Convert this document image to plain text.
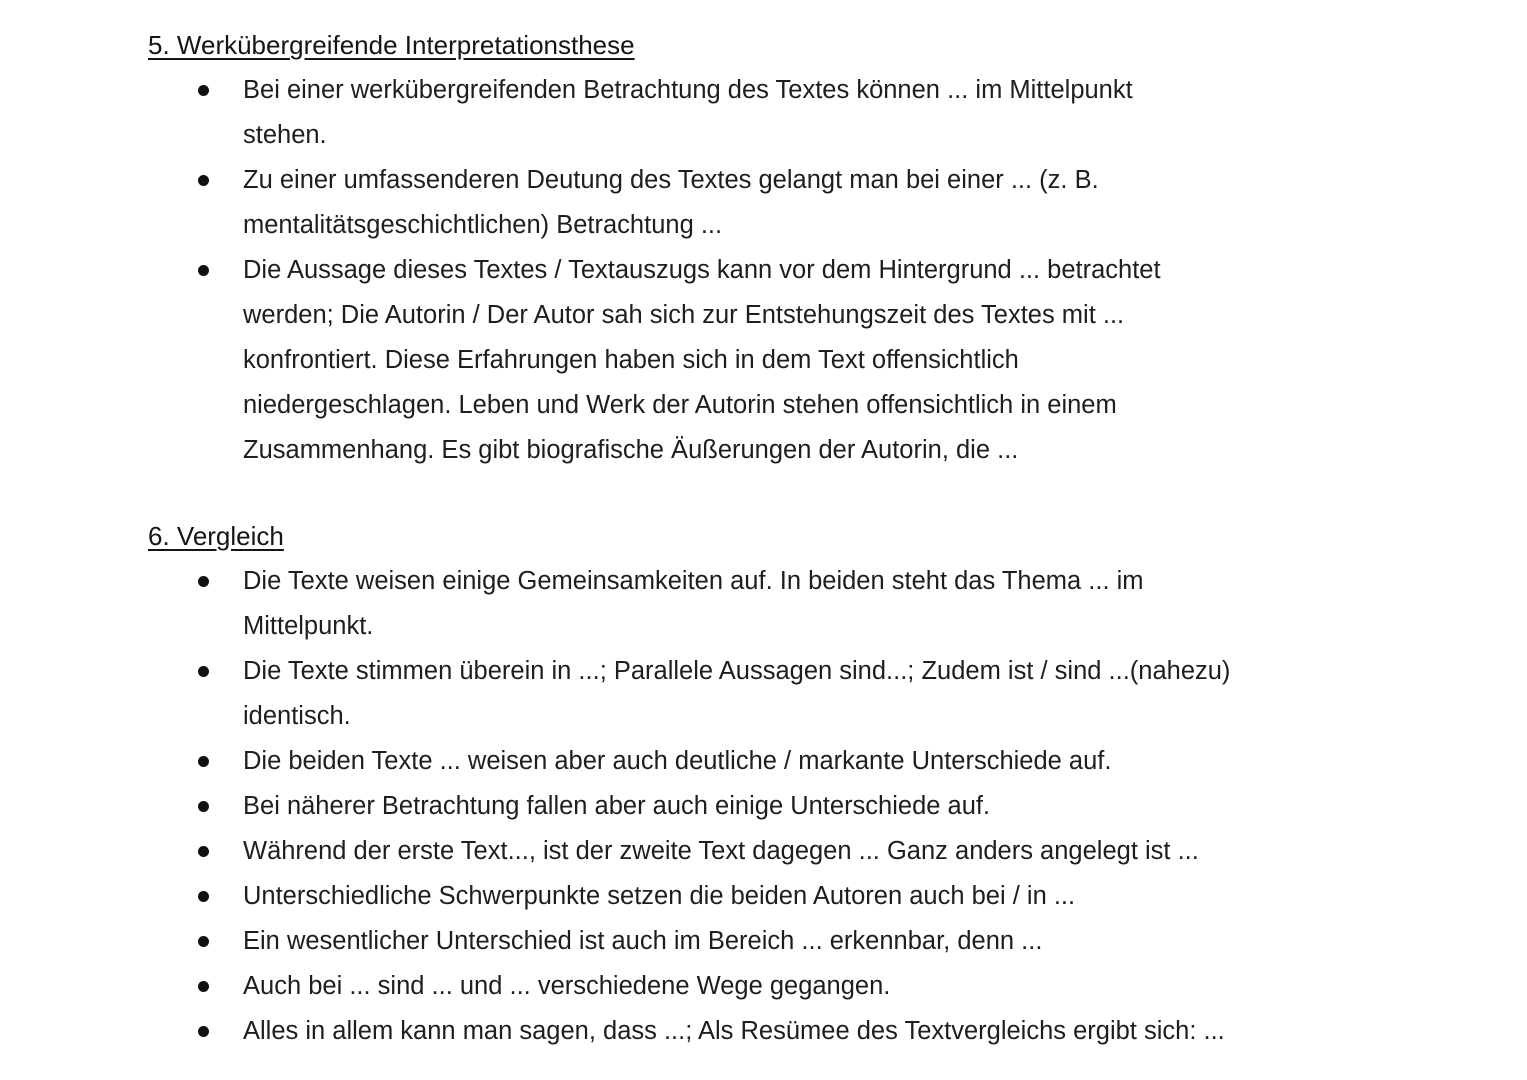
5. Werkübergreifende Interpretationsthese
Bei einer werkübergreifenden Betrachtung des Textes können ... im Mittelpunkt
stehen.
Zu einer umfassenderen Deutung des Textes gelangt man bei einer ... (z. B.
mentalitätsgeschichtlichen) Betrachtung ...
Die Aussage dieses Textes / Textauszugs kann vor dem Hintergrund ... betrachtet
werden; Die Autorin / Der Autor sah sich zur Entstehungszeit des Textes mit ...
konfrontiert. Diese Erfahrungen haben sich in dem Text offensichtlich
niedergeschlagen. Leben und Werk der Autorin stehen offensichtlich in einem
Zusammenhang. Es gibt biografische Äußerungen der Autorin, die ...
6. Vergleich
Die Texte weisen einige Gemeinsamkeiten auf. In beiden steht das Thema ... im
Mittelpunkt.
Die Texte stimmen überein in ...; Parallele Aussagen sind...; Zudem ist / sind ...(nahezu)
identisch.
Die beiden Texte ... weisen aber auch deutliche / markante Unterschiede auf.
Bei näherer Betrachtung fallen aber auch einige Unterschiede auf.
Während der erste Text..., ist der zweite Text dagegen ... Ganz anders angelegt ist ...
Unterschiedliche Schwerpunkte setzen die beiden Autoren auch bei / in ...
Ein wesentlicher Unterschied ist auch im Bereich ... erkennbar, denn ...
Auch bei ... sind ... und ... verschiedene Wege gegangen.
Alles in allem kann man sagen, dass ...; Als Resümee des Textvergleichs ergibt sich: ...
